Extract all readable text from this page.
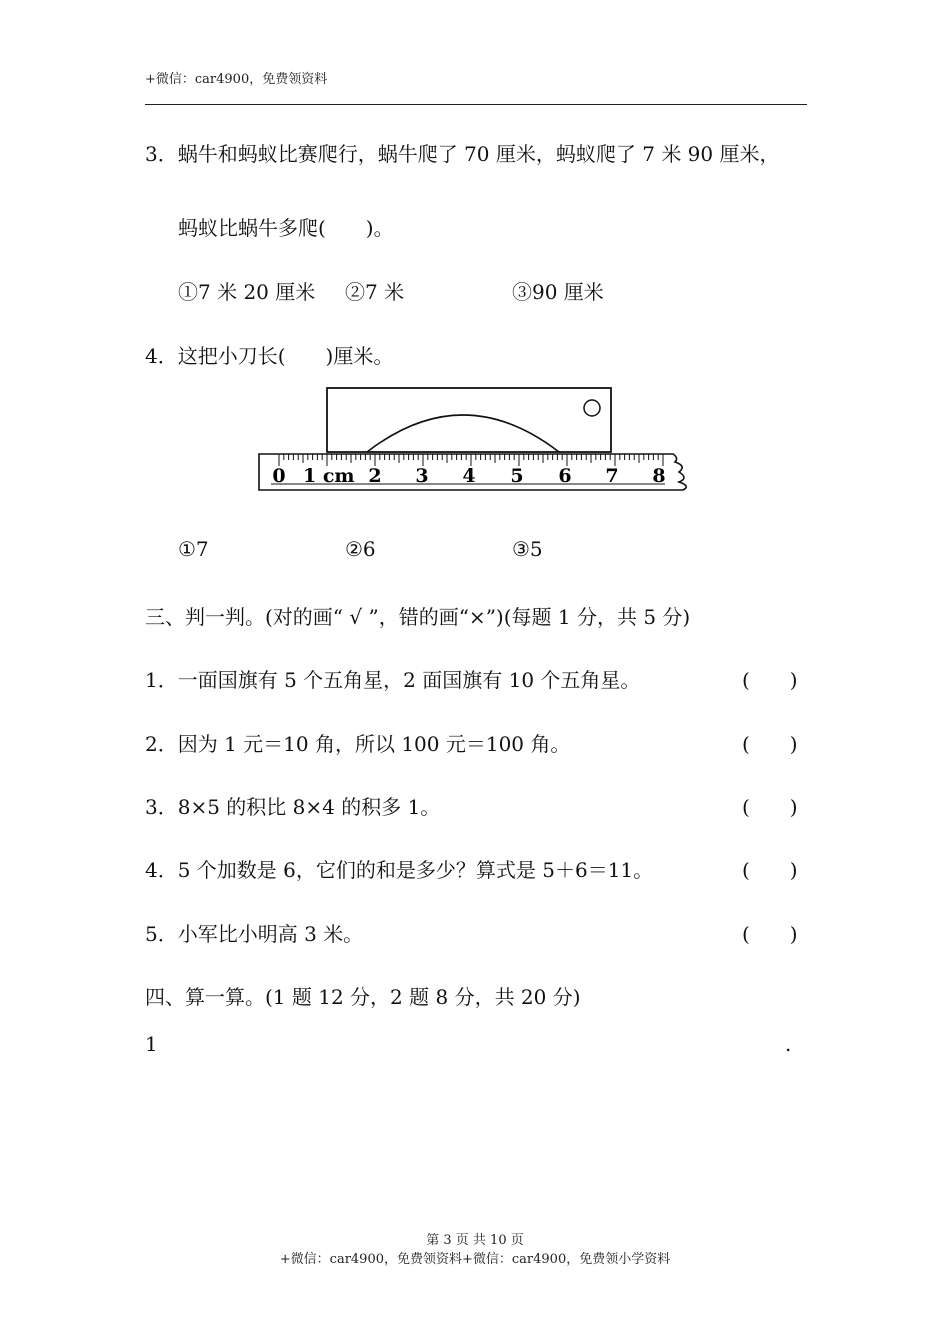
+微信：car4900，免费领资料
3．蜗牛和蚂蚁比赛爬行，蜗牛爬了 70 厘米，蚂蚁爬了 7 米 90 厘米，
蚂蚁比蜗牛多爬(　　)。
①7 米 20 厘米 ②7 米	③90 厘米
4．这把小刀长(　　)厘米。
0 1 cm 2 3 4 5 6 7 8
①7	②6	③5
三、判一判。(对的画“ √ ”，错的画“×”)(每题 1 分，共 5 分)
1．一面国旗有 5 个五角星，2 面国旗有 10 个五角星。	(　　)
2．因为 1 元＝10 角，所以 100 元＝100 角。	(　　)
3．8×5 的积比 8×4 的积多 1。	(　　)
4．5 个加数是 6，它们的和是多少？算式是 5＋6＝11。	(　　)
5．小军比小明高 3 米。	(　　)
四、算一算。(1 题 12 分，2 题 8 分，共 20 分)
1	.
第 3 页 共 10 页
+微信：car4900，免费领资料+微信：car4900，免费领小学资料
